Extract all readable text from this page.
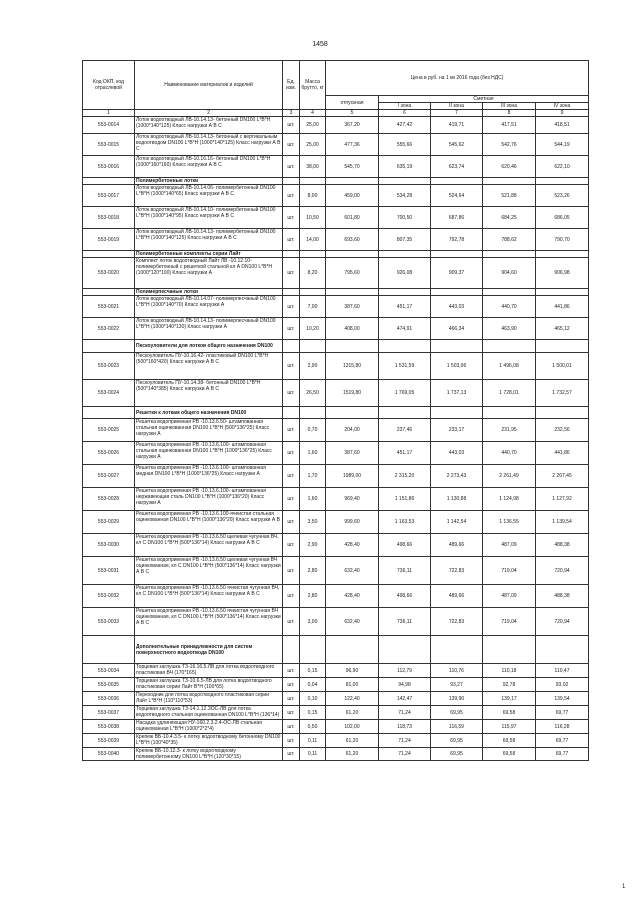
1458
Код ОКП, код отраслевой	Наименование материалов и изделий	Ед. изм.	Масса брутто, кг	Цена в руб. на 1 кв 2016 года (без НДС)				
				отпускная	Сметная			
					I зона	II зона	III зона	IV зона
1	2	3	4	5	6	7	8	9
553-0014	Лоток водоотводный ЛВ-10.14.13- бетонный DN100 L*B*H (1000*140*125) Класс нагрузки А В С	шт.	25,00	367,20	427,42	419,71	417,51	418,51
553-0015	Лоток водоотводный ЛВ-10.14.13- бетонный с вертикальным водоотводом DN100 L*B*H (1000*140*125) Класс нагрузки А В С	шт.	25,00	477,36	555,66	545,62	542,76	544,19
553-0016	Лоток водоотводный ЛВ-10.16.16- бетонный DN100 L*B*H (1000*160*160) Класс нагрузки А В С	шт.	38,00	545,70	635,19	623,74	620,46	622,10
	Полимербетонные лотки							
553-0017	Лоток водоотводный ЛВ-10.14.06- полимербетонный DN100 L*B*H (1000*140*65) Класс нагрузки А В С	шт.	8,00	459,00	534,28	524,64	521,88	523,26
553-0018	Лоток водоотводный ЛВ-10.14.10- полимербетонный DN100 L*B*H (1000*140*95) Класс нагрузки А В С	шт.	10,50	601,80	700,50	687,86	684,25	686,05
553-0019	Лоток водоотводный ЛВ-10.14.13- полимербетонный DN100 L*B*H (1000*140*125) Класс нагрузки А В С	шт.	14,00	693,60	807,35	792,78	788,62	790,70
	Полимербетонные комплекты серии Лайт							
553-0020	Комплект лоток водоотводный Лайт ЛВ -10.12.10- полимербетонный с решеткой стальной кл А DN100 L*B*H (1000*120*100) Класс нагрузки А	шт.	8,20	795,60	926,08	909,37	904,60	906,98
	Полимерпесчаные лотки							
553-0021	Лоток водоотводный ЛВ-10.14.07- полимерпесчаный DN100 L*B*H (1000*140*70) Класс нагрузки А	шт.	7,00	387,60	451,17	443,03	440,70	441,86
553-0022	Лоток водоотводный ЛВ-10.14.13- полимерпесчаный DN100 L*B*H (1000*140*130) Класс нагрузки А	шт.	10,20	408,00	474,91	466,34	463,90	465,12
	Пескоуловители для лотков общего назначения DN100							
553-0023	Пескоуловитель ПУ-10.16.42- пластиковый DN100 L*B*H (500*160*420) Класс нагрузки А В С	шт.	2,90	1315,80	1 531,59	1 503,96	1 496,08	1 500,01
553-0024	Пескоуловитель ПУ-10.14.38- бетонный DN100 L*B*H (500*140*385) Класс нагрузки А В С	шт.	26,50	1519,80	1 769,05	1 737,13	1 728,01	1 732,57
	Решетки к лоткам общего назначения DN100							
553-0025	Решетка водоприемная РВ -10.13.6.50- штампованная стальная оцинкованная DN100 L*B*H (500*136*25) Класс нагрузки А	шт.	0,70	204,00	237,46	233,17	231,95	232,56
553-0026	Решетка водоприемная РВ -10.13.6.100- штампованная стальная оцинкованная DN100 L*B*H (1000*136*25) Класс нагрузки А	шт.	1,60	387,60	451,17	443,03	440,70	441,86
553-0027	Решетка водоприемная РВ -10.13.6.100- штампованная медная DN100 L*B*H (1000*136*25) Класс нагрузки А	шт.	1,70	1989,00	2 315,20	2 273,43	2 261,49	2 267,45
553-0028	Решетка водоприемная РВ -10.13.6.100- штампованная нержавеющая сталь DN100 L*B*H (1000*136*20) Класс нагрузки А	шт.	1,60	969,40	1 151,86	1 130,88	1 124,98	1 127,92
553-0029	Решетка водоприемная РВ -10.13.6.100-ячеистая стальная оцинкованная DN100 L*B*H (1000*136*20) Класс нагрузки А В	шт.	3,50	999,60	1 163,53	1 142,54	1 136,55	1 139,54
553-0030	Решетка водоприемная РВ -10.13.6.50 щелевая чугунная ВЧ, кл С DN100 L*B*H (500*136*14) Класс нагрузки А В С	шт.	2,90	428,40	498,66	489,66	487,09	488,38
553-0031	Решетка водоприемная РВ -10.13.6.50 щелевая чугунная ВЧ оцинкованная, кл С DN100 L*B*H (500*136*14) Класс нагрузки А В С	шт.	2,80	632,40	736,11	722,83	719,04	720,94
553-0032	Решетка водоприемная РВ -10.13.6.50 ячеистая чугунная ВЧ, кл С DN100 L*B*H (500*136*14) Класс нагрузки А В С	шт.	2,80	428,40	498,66	489,66	487,09	488,38
553-0033	Решетка водоприемная РВ -10.13.6.50 ячеистая чугунная ВЧ оцинкованная, кл С DN100 L*B*H (500*136*14) Класс нагрузки А В С	шт.	3,00	632,40	736,11	722,83	719,04	720,94
	Дополнительные принадлежности для систем поверхностного водоотвода DN100							
553-0034	Торцевая заглушка ТЗ-16.16.5.ЛВ для лотка водоотводного пластиковая ВЧ (170*165)	шт.	0,15	96,90	112,79	110,76	110,18	110,47
553-0035	Торцевая заглушка ТЗ-10.6.5-ЛВ для лотка водоотводного пластиковая серии Лайт В*Н (100*65)	шт.	0,04	81,00	94,98	93,27	92,78	93,02
553-0036	Переходник для лотка водоотводного пластиковая серии Лайт L*B*H (110*110*53)	шт.	0,10	122,40	142,47	139,90	139,17	139,54
553-0037	Торцевая заглушка ТЗ-14.1.12.ЗОС-ЛВ для лотка водоотводного стальная оцинкованная DN100 L*B*H (136*14)	шт.	0,15	61,20	71,24	69,95	69,58	69,77
553-0038	Насадка удлиняющая НУ-160.2.3.2.4-ОС-ЛВ стальная оцинкованная L*B*H (1000*2*2*4)	шт.	0,50	102,00	118,73	116,59	115,97	116,28
553-0039	Крепеж ВБ-10.4.3.5- к лотку водоотводному бетонному DN100 L*B*H (100*40*35)	шт.	0,11	61,20	71,24	69,95	69,58	69,77
553-0040	Крепеж ВБ-10.12.3- к лотку водоотводному полимербетонному DN100 L*B*H (120*30*15)	шт.	0,11	61,20	71,24	69,95	69,58	69,77
1
